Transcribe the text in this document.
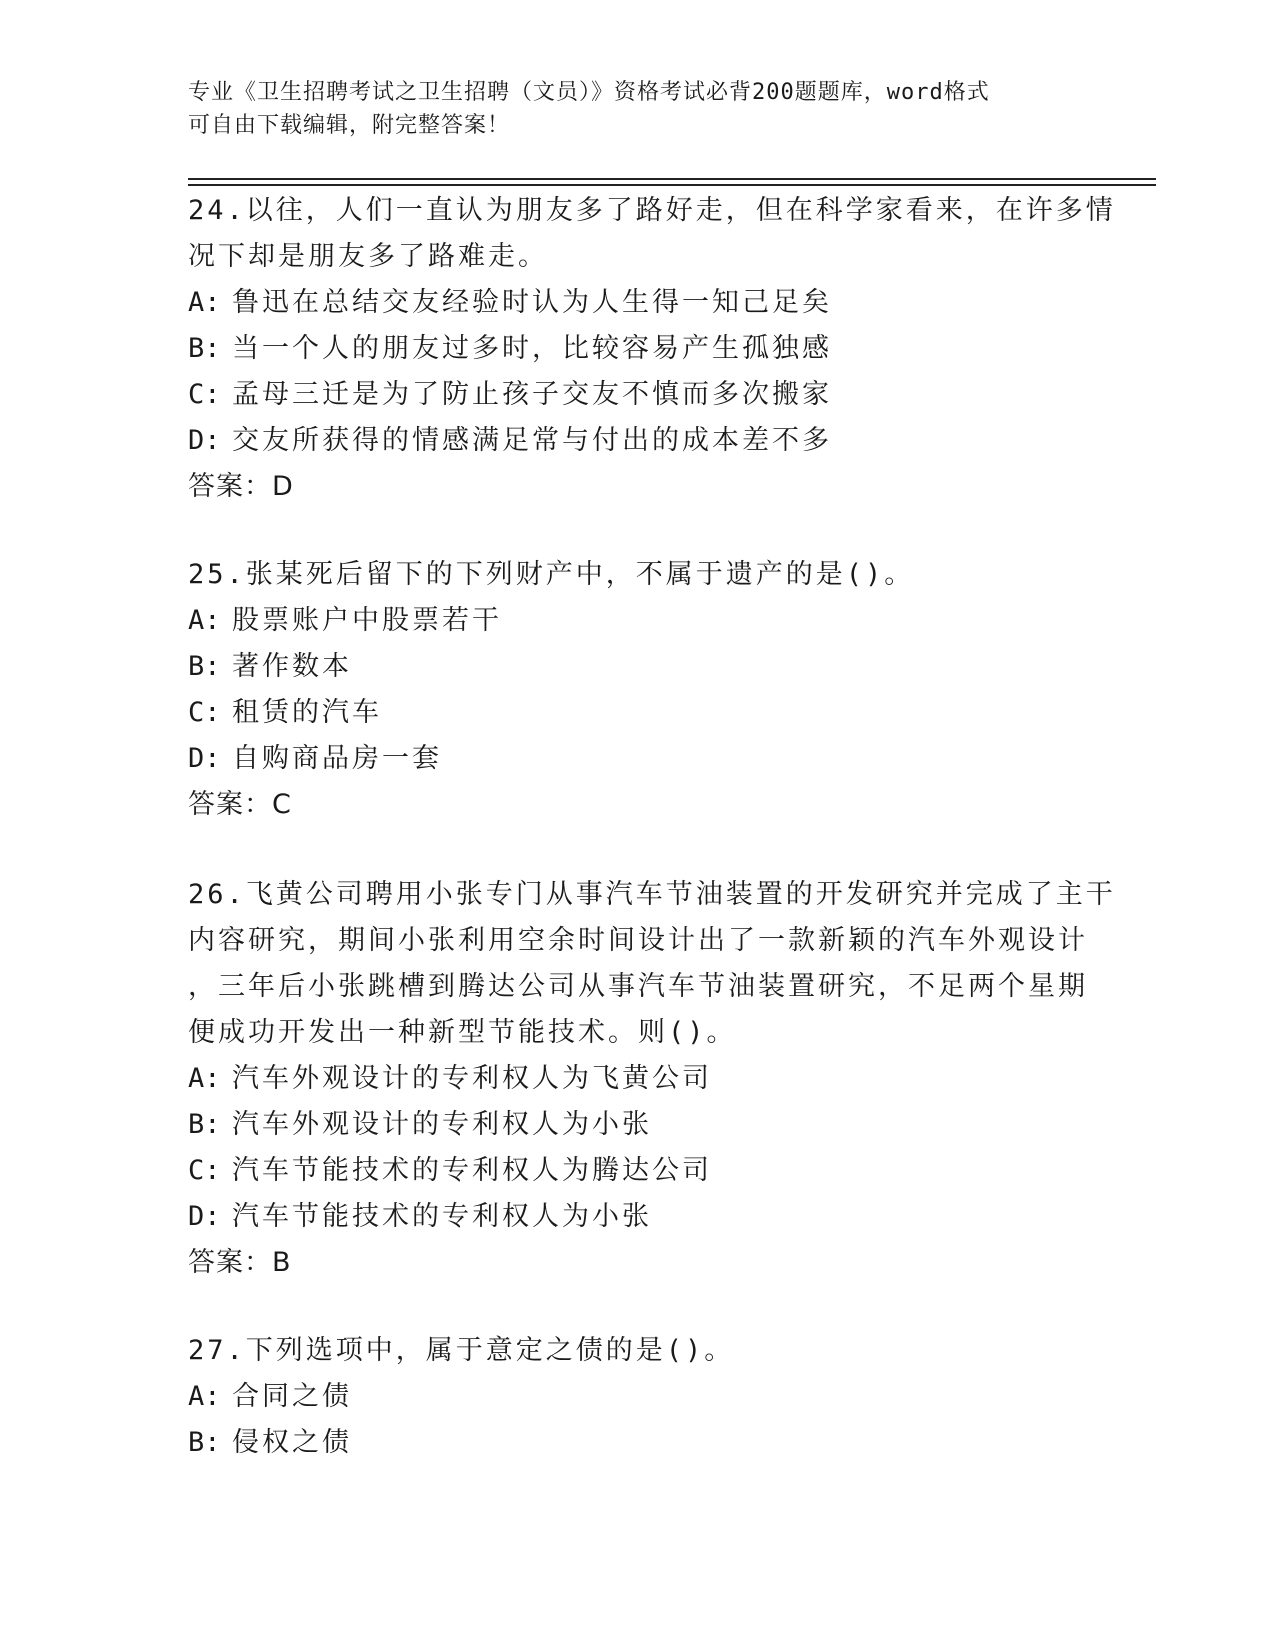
专业《卫生招聘考试之卫生招聘（文员）》资格考试必背200题题库，word格式
可自由下载编辑，附完整答案！
24.以往，人们一直认为朋友多了路好走，但在科学家看来，在许多情
况下却是朋友多了路难走。
A: 鲁迅在总结交友经验时认为人生得一知己足矣
B: 当一个人的朋友过多时，比较容易产生孤独感
C: 孟母三迁是为了防止孩子交友不慎而多次搬家
D: 交友所获得的情感满足常与付出的成本差不多
答案：D
25.张某死后留下的下列财产中，不属于遗产的是()。
A: 股票账户中股票若干
B: 著作数本
C: 租赁的汽车
D: 自购商品房一套
答案：C
26.飞黄公司聘用小张专门从事汽车节油装置的开发研究并完成了主干
内容研究，期间小张利用空余时间设计出了一款新颖的汽车外观设计
，三年后小张跳槽到腾达公司从事汽车节油装置研究，不足两个星期
便成功开发出一种新型节能技术。则()。
A: 汽车外观设计的专利权人为飞黄公司
B: 汽车外观设计的专利权人为小张
C: 汽车节能技术的专利权人为腾达公司
D: 汽车节能技术的专利权人为小张
答案：B
27.下列选项中，属于意定之债的是()。
A: 合同之债
B: 侵权之债
